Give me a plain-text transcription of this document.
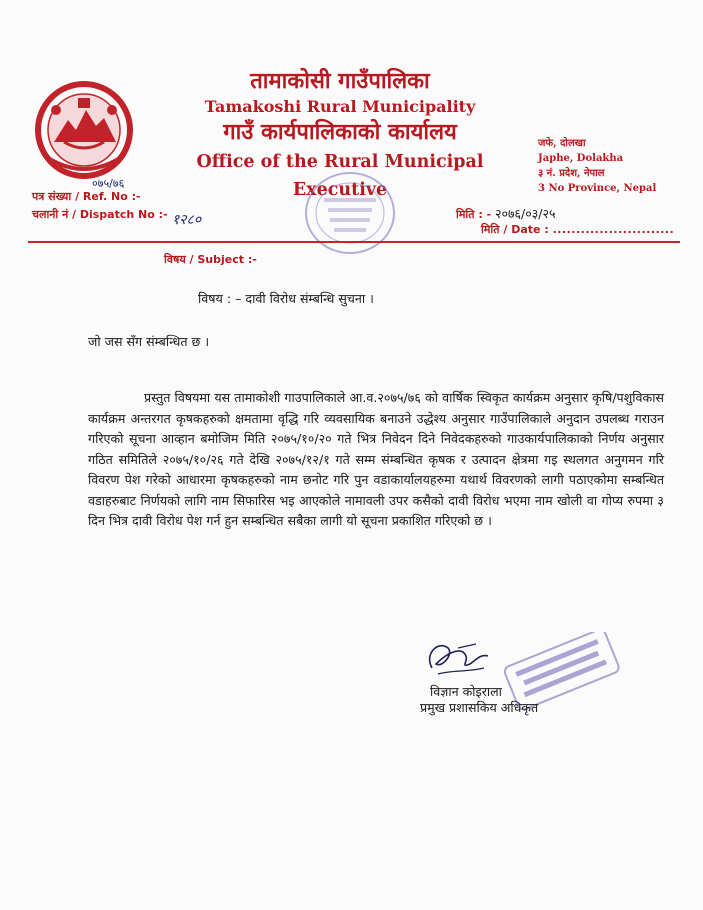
तामाकोसी गाउँपालिका
Tamakoshi Rural Municipality
गाउँ कार्यपालिकाको कार्यालय
Office of the Rural Municipal Executive
जफे, दोलखा
Japhe, Dolakha
३ नं. प्रदेश, नेपाल
3 No Province, Nepal
पत्र संख्या / Ref. No :-
चलानी नं / Dispatch No :-
०७५/७६
१२८०	मिति : - २०७६/०३/२५
मिति / Date : ..........................
विषय / Subject :-
विषय : – दावी विरोध संम्बन्धि सुचना ।
जो जस सँग संम्बन्धित छ ।

प्रस्तुत विषयमा यस तामाकोशी गाउपालिकाले आ.व.२०७५/७६ को वार्षिक स्विकृत कार्यक्रम अनुसार कृषि/पशुविकास कार्यक्रम अन्तरगत कृषकहरुको क्षमतामा वृद्धि गरि व्यवसायिक बनाउने उद्धेश्य अनुसार गाउँपालिकाले अनुदान उपलब्ध गराउन गरिएको सूचना आव्हान बमोजिम मिति २०७५/१०/२० गते भित्र निवेदन दिने निवेदकहरुको गाउकार्यपालिकाको निर्णय अनुसार गठित समितिले २०७५/१०/२६ गते देखि २०७५/१२/१ गते सम्म संम्बन्धित कृषक र उत्पादन क्षेत्रमा गइ स्थलगत अनुगमन गरि विवरण पेश गरेको आधारमा कृषकहरुको नाम छनोट गरि पुन वडाकार्यालयहरुमा यथार्थ विवरणको लागी पठाएकोमा सम्बन्धित वडाहरुबाट निर्णयको लागि नाम सिफारिस भइ आएकोले नामावली उपर कसैको दावी विरोध भएमा नाम खोली वा गोप्य रुपमा ३ दिन भित्र दावी विरोध पेश गर्न हुन सम्बन्धित सबैका लागी यो सूचना प्रकाशित गरिएको छ ।

विज्ञान कोइराला
प्रमुख प्रशासकिय अधिकृत
